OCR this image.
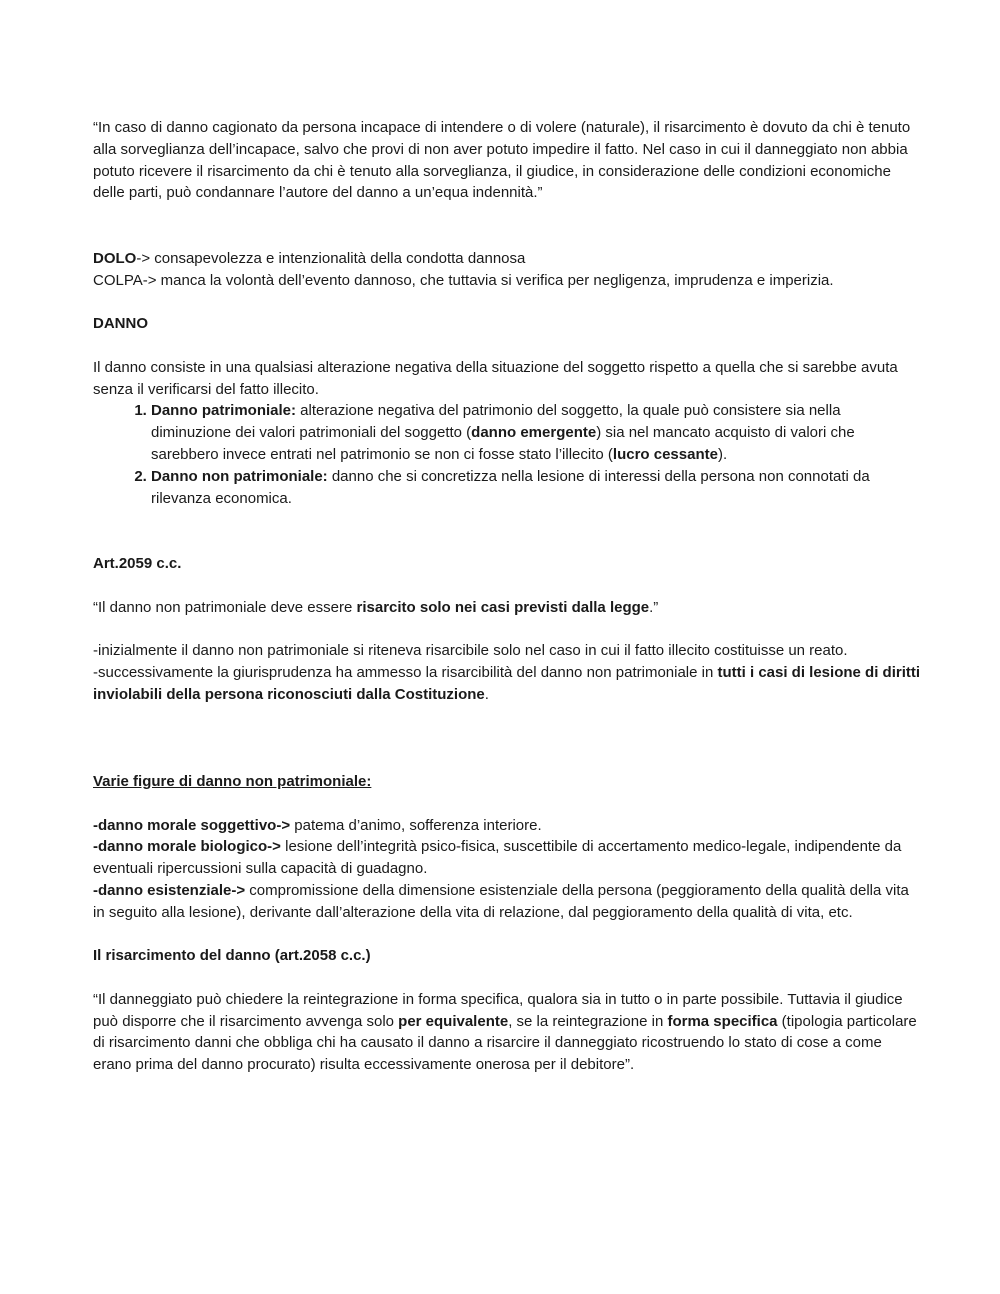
“In caso di danno cagionato da persona incapace di intendere o di volere (naturale), il risarcimento è dovuto da chi è tenuto alla sorveglianza dell’incapace, salvo che provi di non aver potuto impedire il fatto. Nel caso in cui il danneggiato non abbia potuto ricevere il risarcimento da chi è tenuto alla sorveglianza, il giudice, in considerazione delle condizioni economiche delle parti, può condannare l’autore del danno a un’equa indennità.”

DOLO-> consapevolezza e intenzionalità della condotta dannosa

COLPA-> manca la volontà dell’evento dannoso, che tuttavia si verifica per negligenza, imprudenza e imperizia.

DANNO

Il danno consiste in una qualsiasi alterazione negativa della situazione del soggetto rispetto a quella che si sarebbe avuta senza il verificarsi del fatto illecito.

1. Danno patrimoniale: alterazione negativa del patrimonio del soggetto, la quale può consistere sia nella diminuzione dei valori patrimoniali del soggetto (danno emergente) sia nel mancato acquisto di valori che sarebbero invece entrati nel patrimonio se non ci fosse stato l’illecito (lucro cessante).
2. Danno non patrimoniale: danno che si concretizza nella lesione di interessi della persona non connotati da rilevanza economica.

Art.2059 c.c.

“Il danno non patrimoniale deve essere risarcito solo nei casi previsti dalla legge.”

-inizialmente il danno non patrimoniale si riteneva risarcibile solo nel caso in cui il fatto illecito costituisse un reato.

-successivamente la giurisprudenza ha ammesso la risarcibilità del danno non patrimoniale in tutti i casi di lesione di diritti inviolabili della persona riconosciuti dalla Costituzione.

Varie figure di danno non patrimoniale:

-danno morale soggettivo-> patema d’animo, sofferenza interiore.

-danno morale biologico-> lesione dell’integrità psico-fisica, suscettibile di accertamento medico-legale, indipendente da eventuali ripercussioni sulla capacità di guadagno.

-danno esistenziale-> compromissione della dimensione esistenziale della persona (peggioramento della qualità della vita in seguito alla lesione), derivante dall’alterazione della vita di relazione, dal peggioramento della qualità di vita, etc.

Il risarcimento del danno (art.2058 c.c.)

“Il danneggiato può chiedere la reintegrazione in forma specifica, qualora sia in tutto o in parte possibile. Tuttavia il giudice può disporre che il risarcimento avvenga solo per equivalente, se la reintegrazione in forma specifica (tipologia particolare di risarcimento danni che obbliga chi ha causato il danno a risarcire il danneggiato ricostruendo lo stato di cose a come erano prima del danno procurato) risulta eccessivamente onerosa per il debitore”.
